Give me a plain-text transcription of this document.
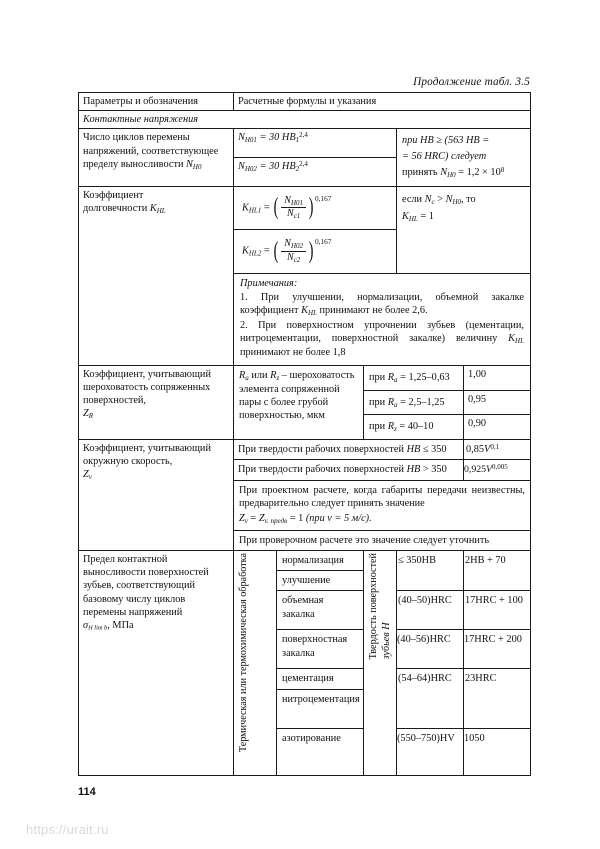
Продолжение табл. 3.5
Параметры и обозначения	Расчетные формулы и указания				
Контактные напряжения					
Число циклов перемены напряжений, соответствующее пределу выносливости $N_{H0}$	$N_{H01} = 30$ $HB_1^{2,4}$			при HB ≥ (563 HB =
= 56 HRC) следует
принять $N_{H0} = 1,2 \times 10^8$

	$N_{H02} = 30$ $HB_2^{2,4}$

Коэффициент
долговечности $K_{HL}$	$K_{HL1}$ = ( $\frac{N_{H01}}{N_{c1}}$ ) 0,167	если $N_c > N_{H0}$, то
$K_{HL} = 1$

	$K_{HL2}$ = ( $\frac{N_{H02}}{N_{c2}}$ ) 0,167				

	Примечания:
1. При улучшении, нормализации, объемной закалке коэффициент $K_{HL}$ принимают не более 2,6.
2. При поверхностном упрочнении зубьев (цементации, нитроцементации, поверхностной закалке) величину $K_{HL}$ принимают не более 1,8				

Коэффициент, учитывающий шероховатость сопряженных поверхностей,
$Z_R$	$R_a$ или $R_z$ – шероховатость элемента сопряженной пары с более грубой поверхностью, мкм		при $R_a = 1,25-0,63$		1,00
			при $R_a = 2,5-1,25$		0,95
			при $R_z = 40-10$		0,90
Коэффициент, учитывающий окружную скорость,
$Z_v$	При твердости рабочих поверхностей HB ≤ 350				$0,85V^{0,1}$
	При твердости рабочих поверхностей HB > 350				$0,925V^{0,005}$

	При проектном расчете, когда габариты передачи неизвестны, предварительно следует принять значение
$Z_v = Z_{v. предв} = 1$ (при v = 5 м/с).				

	При проверочном расчете это значение следует уточнить				
Предел контактной выносливости поверхностей зубьев, соответствующий базовому числу циклов перемены напряжений
$\sigma_{H lim b}$, МПа	Термическая или термохимическая обработка	нормализация	Твердость поверхностей зубьев H	≤ 350HB	2HB + 70
		улучшение			
		объемная закалка		(40–50)HRC	17HRC + 100
		поверхностная закалка		(40–56)HRC	17HRC + 200
		цементация		(54–64)HRC	23HRC
		нитроцементация			
		азотирование		(550–750)HV	1050
114
https://urait.ru
